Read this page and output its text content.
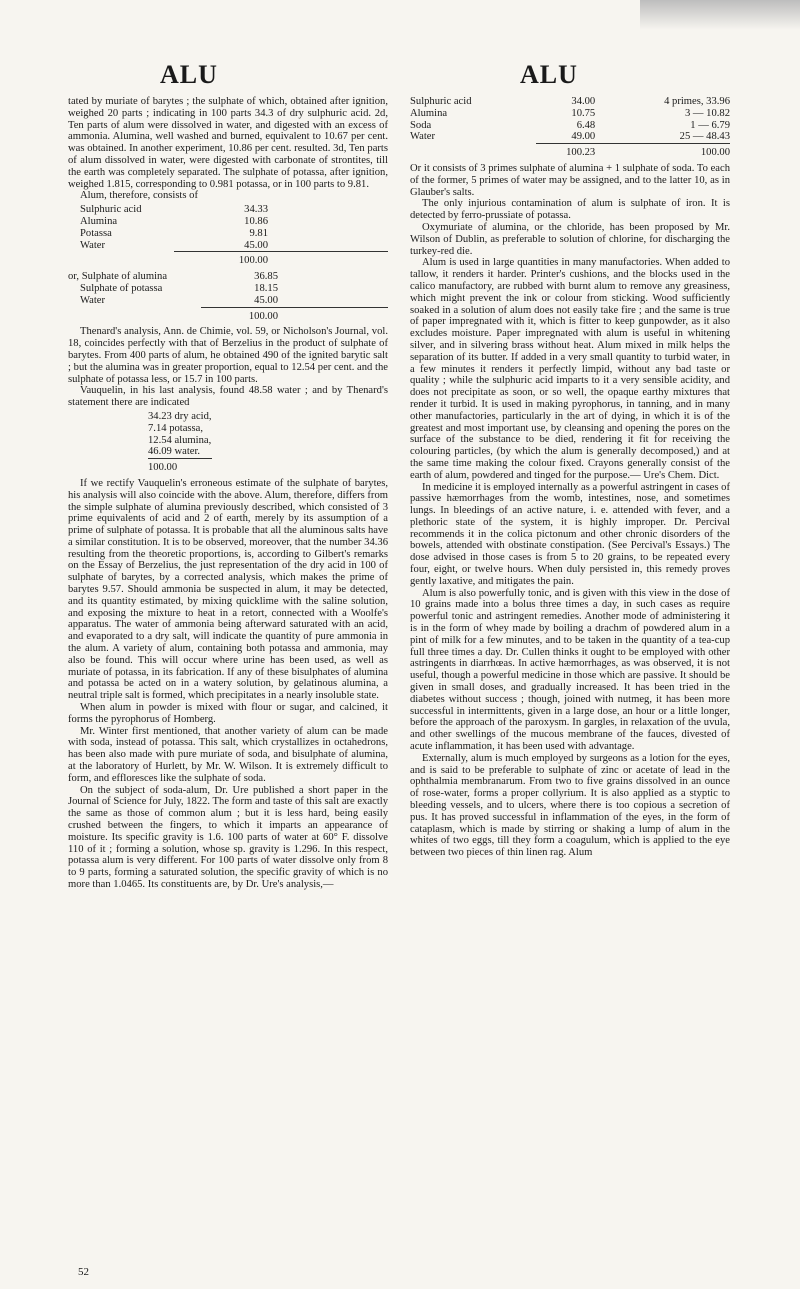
ALU	ALU

tated by muriate of barytes ; the sulphate of which, obtained after ignition, weighed 20 parts ; indicating in 100 parts 34.3 of dry sulphuric acid. 2d, Ten parts of alum were dissolved in water, and digested with an excess of ammonia. Alumina, well washed and burned, equivalent to 10.67 per cent. was obtained. In another experiment, 10.86 per cent. resulted. 3d, Ten parts of alum dissolved in water, were digested with carbonate of strontites, till the earth was completely separated. The sulphate of potassa, after ignition, weighed 1.815, corresponding to 0.981 potassa, or in 100 parts to 9.81.

Alum, therefore, consists of

Sulphuric acid	34.33
Alumina	10.86
Potassa	9.81
Water	45.00
	100.00
or, Sulphate of alumina	36.85
Sulphate of potassa	18.15
Water	45.00
	100.00

Thenard's analysis, Ann. de Chimie, vol. 59, or Nicholson's Journal, vol. 18, coincides perfectly with that of Berzelius in the product of sulphate of barytes. From 400 parts of alum, he obtained 490 of the ignited barytic salt ; but the alumina was in greater proportion, equal to 12.54 per cent. and the sulphate of potassa less, or 15.7 in 100 parts.

Vauquelin, in his last analysis, found 48.58 water ; and by Thenard's statement there are indicated

34.23 dry acid,
7.14 potassa,
12.54 alumina,
46.09 water.
100.00

If we rectify Vauquelin's erroneous estimate of the sulphate of barytes, his analysis will also coincide with the above. Alum, therefore, differs from the simple sulphate of alumina previously described, which consisted of 3 prime equivalents of acid and 2 of earth, merely by its assumption of a prime of sulphate of potassa. It is probable that all the aluminous salts have a similar constitution. It is to be observed, moreover, that the number 34.36 resulting from the theoretic proportions, is, according to Gilbert's remarks on the Essay of Berzelius, the just representation of the dry acid in 100 of sulphate of barytes, by a corrected analysis, which makes the prime of barytes 9.57. Should ammonia be suspected in alum, it may be detected, and its quantity estimated, by mixing quicklime with the saline solution, and exposing the mixture to heat in a retort, connected with a Woolfe's apparatus. The water of ammonia being afterward saturated with an acid, and evaporated to a dry salt, will indicate the quantity of pure ammonia in the alum. A variety of alum, containing both potassa and ammonia, may also be found. This will occur where urine has been used, as well as muriate of potassa, in its fabrication. If any of these bisulphates of alumina and potassa be acted on in a watery solution, by gelatinous alumina, a neutral triple salt is formed, which precipitates in a nearly insoluble state.

When alum in powder is mixed with flour or sugar, and calcined, it forms the pyrophorus of Homberg.

Mr. Winter first mentioned, that another variety of alum can be made with soda, instead of potassa. This salt, which crystallizes in octahedrons, has been also made with pure muriate of soda, and bisulphate of alumina, at the laboratory of Hurlett, by Mr. W. Wilson. It is extremely difficult to form, and effloresces like the sulphate of soda.

On the subject of soda-alum, Dr. Ure published a short paper in the Journal of Science for July, 1822. The form and taste of this salt are exactly the same as those of common alum ; but it is less hard, being easily crushed between the fingers, to which it imparts an appearance of moisture. Its specific gravity is 1.6. 100 parts of water at 60° F. dissolve 110 of it ; forming a solution, whose sp. gravity is 1.296. In this respect, potassa alum is very different. For 100 parts of water dissolve only from 8 to 9 parts, forming a saturated solution, the specific gravity of which is no more than 1.0465. Its constituents are, by Dr. Ure's analysis,—

Sulphuric acid	34.00	4 primes, 33.96
Alumina	10.75	3 — 10.82
Soda	6.48	1 — 6.79
Water	49.00	25 — 48.43
	100.23	100.00

Or it consists of 3 primes sulphate of alumina + 1 sulphate of soda. To each of the former, 5 primes of water may be assigned, and to the latter 10, as in Glauber's salts.

The only injurious contamination of alum is sulphate of iron. It is detected by ferro-prussiate of potassa.

Oxymuriate of alumina, or the chloride, has been proposed by Mr. Wilson of Dublin, as preferable to solution of chlorine, for discharging the turkey-red die.

Alum is used in large quantities in many manufactories. When added to tallow, it renders it harder. Printer's cushions, and the blocks used in the calico manufactory, are rubbed with burnt alum to remove any greasiness, which might prevent the ink or colour from sticking. Wood sufficiently soaked in a solution of alum does not easily take fire ; and the same is true of paper impregnated with it, which is fitter to keep gunpowder, as it also excludes moisture. Paper impregnated with alum is useful in whitening silver, and in silvering brass without heat. Alum mixed in milk helps the separation of its butter. If added in a very small quantity to turbid water, in a few minutes it renders it perfectly limpid, without any bad taste or quality ; while the sulphuric acid imparts to it a very sensible acidity, and does not precipitate as soon, or so well, the opaque earthy mixtures that render it turbid. It is used in making pyrophorus, in tanning, and in many other manufactories, particularly in the art of dying, in which it is of the greatest and most important use, by cleansing and opening the pores on the surface of the substance to be died, rendering it fit for receiving the colouring particles, (by which the alum is generally decomposed,) and at the same time making the colour fixed. Crayons generally consist of the earth of alum, powdered and tinged for the purpose.— Ure's Chem. Dict.

In medicine it is employed internally as a powerful astringent in cases of passive hæmorrhages from the womb, intestines, nose, and sometimes lungs. In bleedings of an active nature, i. e. attended with fever, and a plethoric state of the system, it is highly improper. Dr. Percival recommends it in the colica pictonum and other chronic disorders of the bowels, attended with obstinate constipation. (See Percival's Essays.) The dose advised in those cases is from 5 to 20 grains, to be repeated every four, eight, or twelve hours. When duly persisted in, this remedy proves gently laxative, and mitigates the pain.

Alum is also powerfully tonic, and is given with this view in the dose of 10 grains made into a bolus three times a day, in such cases as require powerful tonic and astringent remedies. Another mode of administering it is in the form of whey made by boiling a drachm of powdered alum in a pint of milk for a few minutes, and to be taken in the quantity of a tea-cup full three times a day. Dr. Cullen thinks it ought to be employed with other astringents in diarrhœas. In active hæmorrhages, as was observed, it is not useful, though a powerful medicine in those which are passive. It should be given in small doses, and gradually increased. It has been tried in the diabetes without success ; though, joined with nutmeg, it has been more successful in intermittents, given in a large dose, an hour or a little longer, before the approach of the paroxysm. In gargles, in relaxation of the uvula, and other swellings of the mucous membrane of the fauces, divested of acute inflammation, it has been used with advantage.

Externally, alum is much employed by surgeons as a lotion for the eyes, and is said to be preferable to sulphate of zinc or acetate of lead in the ophthalmia membranarum. From two to five grains dissolved in an ounce of rose-water, forms a proper collyrium. It is also applied as a styptic to bleeding vessels, and to ulcers, where there is too copious a secretion of pus. It has proved successful in inflammation of the eyes, in the form of cataplasm, which is made by stirring or shaking a lump of alum in the whites of two eggs, till they form a coagulum, which is applied to the eye between two pieces of thin linen rag. Alum

52
